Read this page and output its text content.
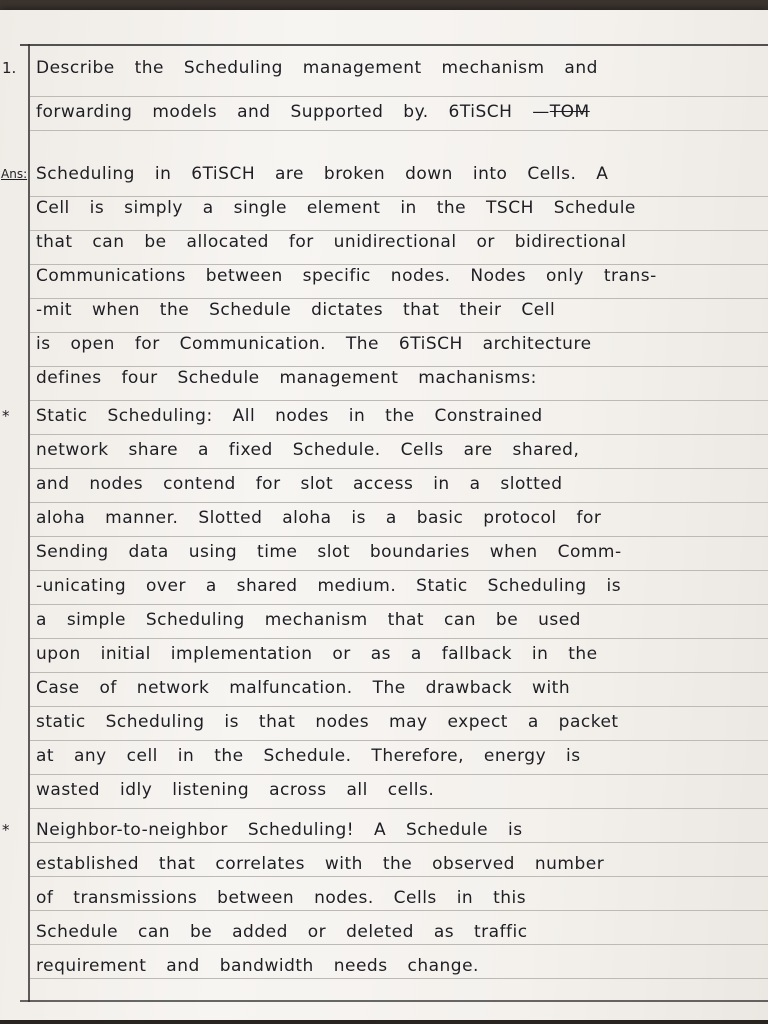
1. Describe the Scheduling management mechanism and
forwarding models and Supported by. 6TiSCH —TOM
Ans: Scheduling in 6TiSCH are broken down into Cells. A
Cell is simply a single element in the TSCH Schedule
that can be allocated for unidirectional or bidirectional
Communications between specific nodes. Nodes only trans-
-mit when the Schedule dictates that their Cell
is open for Communication. The 6TiSCH architecture
defines four Schedule management machanisms:
* Static Scheduling: All nodes in the Constrained
network share a fixed Schedule. Cells are shared,
and nodes contend for slot access in a slotted
aloha manner. Slotted aloha is a basic protocol for
Sending data using time slot boundaries when Comm-
-unicating over a shared medium. Static Scheduling is
a simple Scheduling mechanism that can be used
upon initial implementation or as a fallback in the
Case of network malfuncation. The drawback with
static Scheduling is that nodes may expect a packet
at any cell in the Schedule. Therefore, energy is
wasted idly listening across all cells.
* Neighbor-to-neighbor Scheduling! A Schedule is
established that correlates with the observed number
of transmissions between nodes. Cells in this
Schedule can be added or deleted as traffic
requirement and bandwidth needs change.
